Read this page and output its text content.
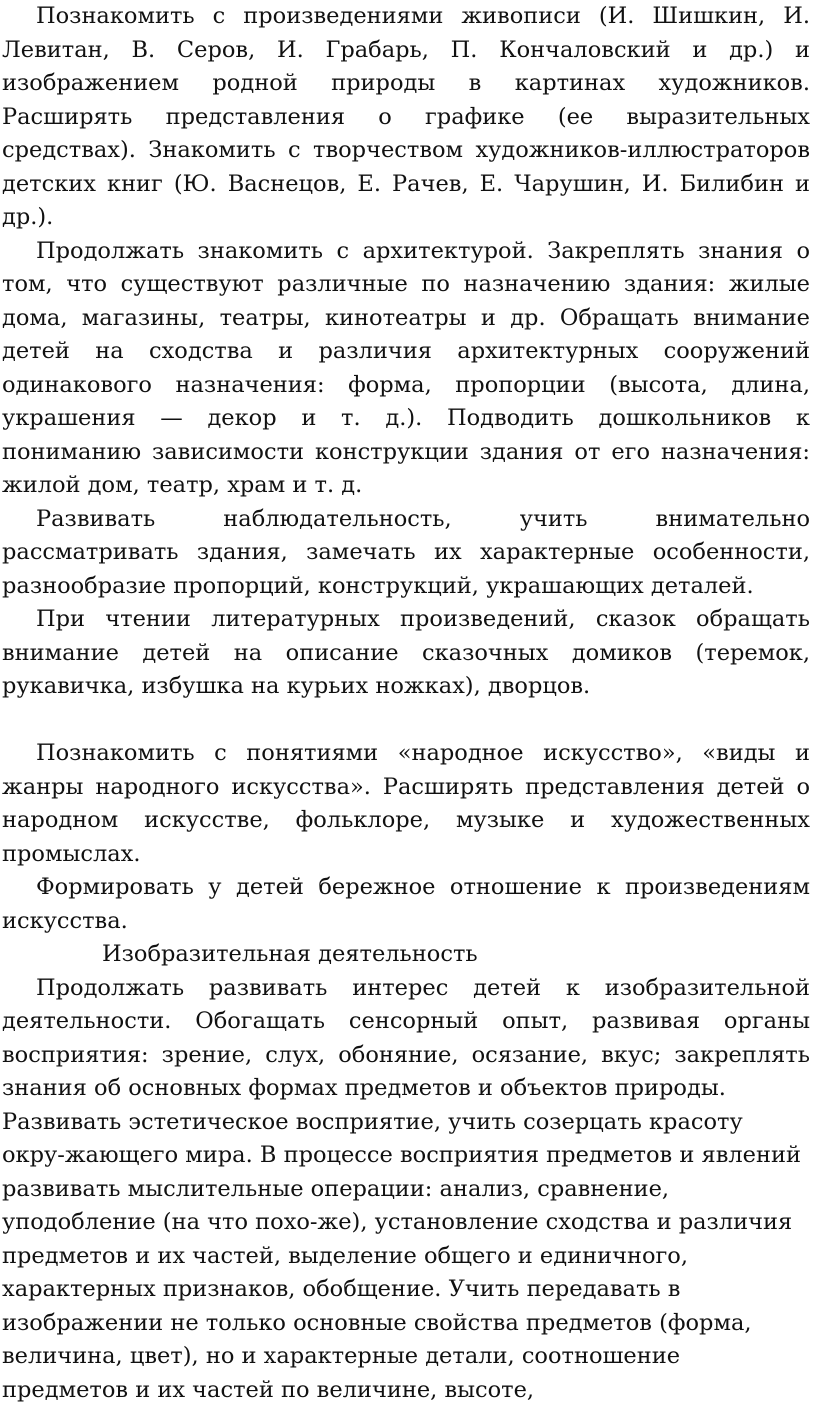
Познакомить с произведениями живописи (И. Шишкин, И. Левитан, В. Серов, И. Грабарь, П. Кончаловский и др.) и изображением родной природы в картинах художников. Расширять представления о графике (ее выразительных средствах). Знакомить с творчеством художников-иллюстраторов детских книг (Ю. Васнецов, Е. Рачев, Е. Чарушин, И. Билибин и др.).

Продолжать знакомить с архитектурой. Закреплять знания о том, что существуют различные по назначению здания: жилые дома, магазины, театры, кинотеатры и др. Обращать внимание детей на сходства и различия архитектурных сооружений одинакового назначения: форма, пропорции (высота, длина, украшения — декор и т. д.). Подводить дошкольников к пониманию зависимости конструкции здания от его назначения: жилой дом, театр, храм и т. д.

Развивать наблюдательность, учить внимательно рассматривать здания, замечать их характерные особенности, разнообразие пропорций, конструкций, украшающих деталей.

При чтении литературных произведений, сказок обращать внимание детей на описание сказочных домиков (теремок, рукавичка, избушка на курьих ножках), дворцов.

Познакомить с понятиями «народное искусство», «виды и жанры народного искусства». Расширять представления детей о народном искусстве, фольклоре, музыке и художественных промыслах.

Формировать у детей бережное отношение к произведениям искусства.

Изобразительная деятельность

Продолжать развивать интерес детей к изобразительной деятельности. Обогащать сенсорный опыт, развивая органы восприятия: зрение, слух, обоняние, осязание, вкус; закреплять знания об основных формах предметов и объектов природы.

Развивать эстетическое восприятие, учить созерцать красоту окру-жающего мира. В процессе восприятия предметов и явлений развивать мыслительные операции: анализ, сравнение, уподобление (на что похо-же), установление сходства и различия предметов и их частей, выделение общего и единичного, характерных признаков, обобщение. Учить передавать в изображении не только основные свойства предметов (форма, величина, цвет), но и характерные детали, соотношение предметов и их частей по величине, высоте,
